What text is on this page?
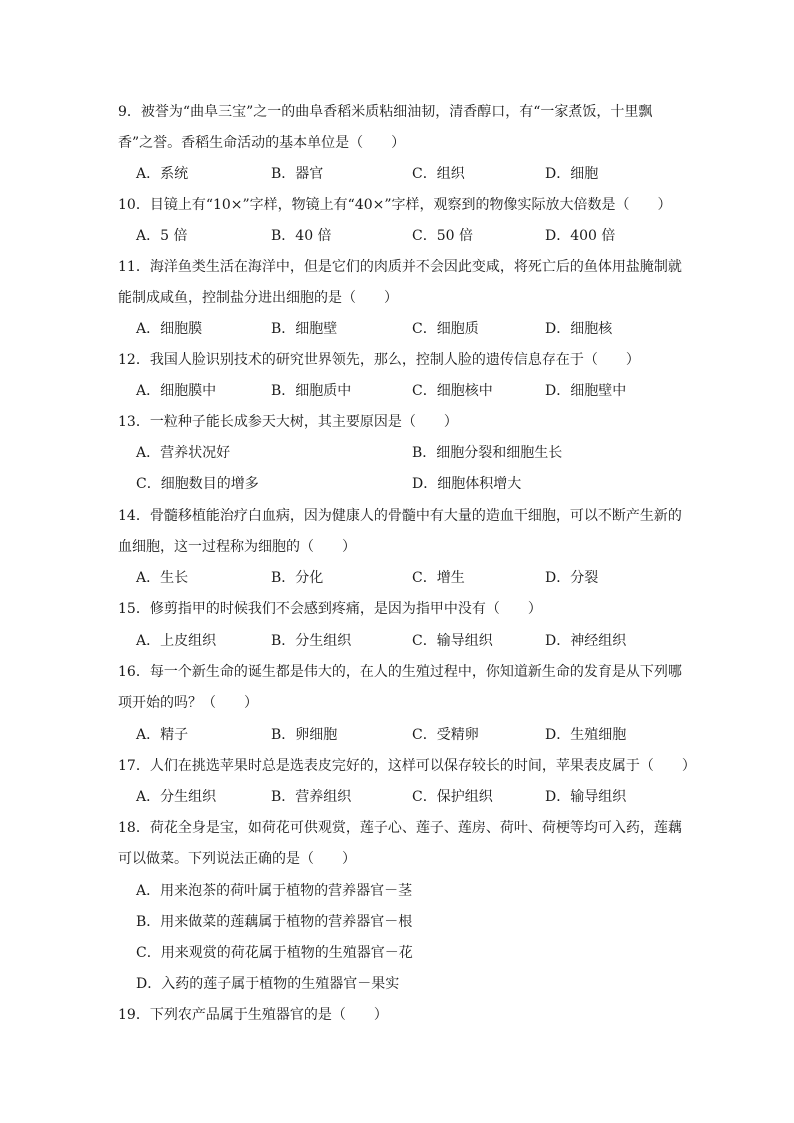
9．被誉为“曲阜三宝”之一的曲阜香稻米质粘细油韧，清香醇口，有“一家煮饭，十里飘
香”之誉。香稻生命活动的基本单位是（　　）
A．系统	B．器官	C．组织	D．细胞
10．目镜上有“10×”字样，物镜上有“40×”字样，观察到的物像实际放大倍数是（　　）
A．5 倍	B．40 倍	C．50 倍	D．400 倍
11．海洋鱼类生活在海洋中，但是它们的肉质并不会因此变咸，将死亡后的鱼体用盐腌制就
能制成咸鱼，控制盐分进出细胞的是（　　）
A．细胞膜	B．细胞壁	C．细胞质	D．细胞核
12．我国人脸识别技术的研究世界领先，那么，控制人脸的遗传信息存在于（　　）
A．细胞膜中	B．细胞质中	C．细胞核中	D．细胞壁中
13．一粒种子能长成参天大树，其主要原因是（　　）
A．营养状况好	B．细胞分裂和细胞生长
C．细胞数目的增多	D．细胞体积增大
14．骨髓移植能治疗白血病，因为健康人的骨髓中有大量的造血干细胞，可以不断产生新的
血细胞，这一过程称为细胞的（　　）
A．生长	B．分化	C．增生	D．分裂
15．修剪指甲的时候我们不会感到疼痛，是因为指甲中没有（　　）
A．上皮组织	B．分生组织	C．输导组织	D．神经组织
16．每一个新生命的诞生都是伟大的，在人的生殖过程中，你知道新生命的发育是从下列哪
项开始的吗？（　　）
A．精子	B．卵细胞	C．受精卵	D．生殖细胞
17．人们在挑选苹果时总是选表皮完好的，这样可以保存较长的时间，苹果表皮属于（　　）
A．分生组织	B．营养组织	C．保护组织	D．输导组织
18．荷花全身是宝，如荷花可供观赏，莲子心、莲子、莲房、荷叶、荷梗等均可入药，莲藕
可以做菜。下列说法正确的是（　　）
A．用来泡茶的荷叶属于植物的营养器官－茎
B．用来做菜的莲藕属于植物的营养器官－根
C．用来观赏的荷花属于植物的生殖器官－花
D．入药的莲子属于植物的生殖器官－果实
19．下列农产品属于生殖器官的是（　　）
